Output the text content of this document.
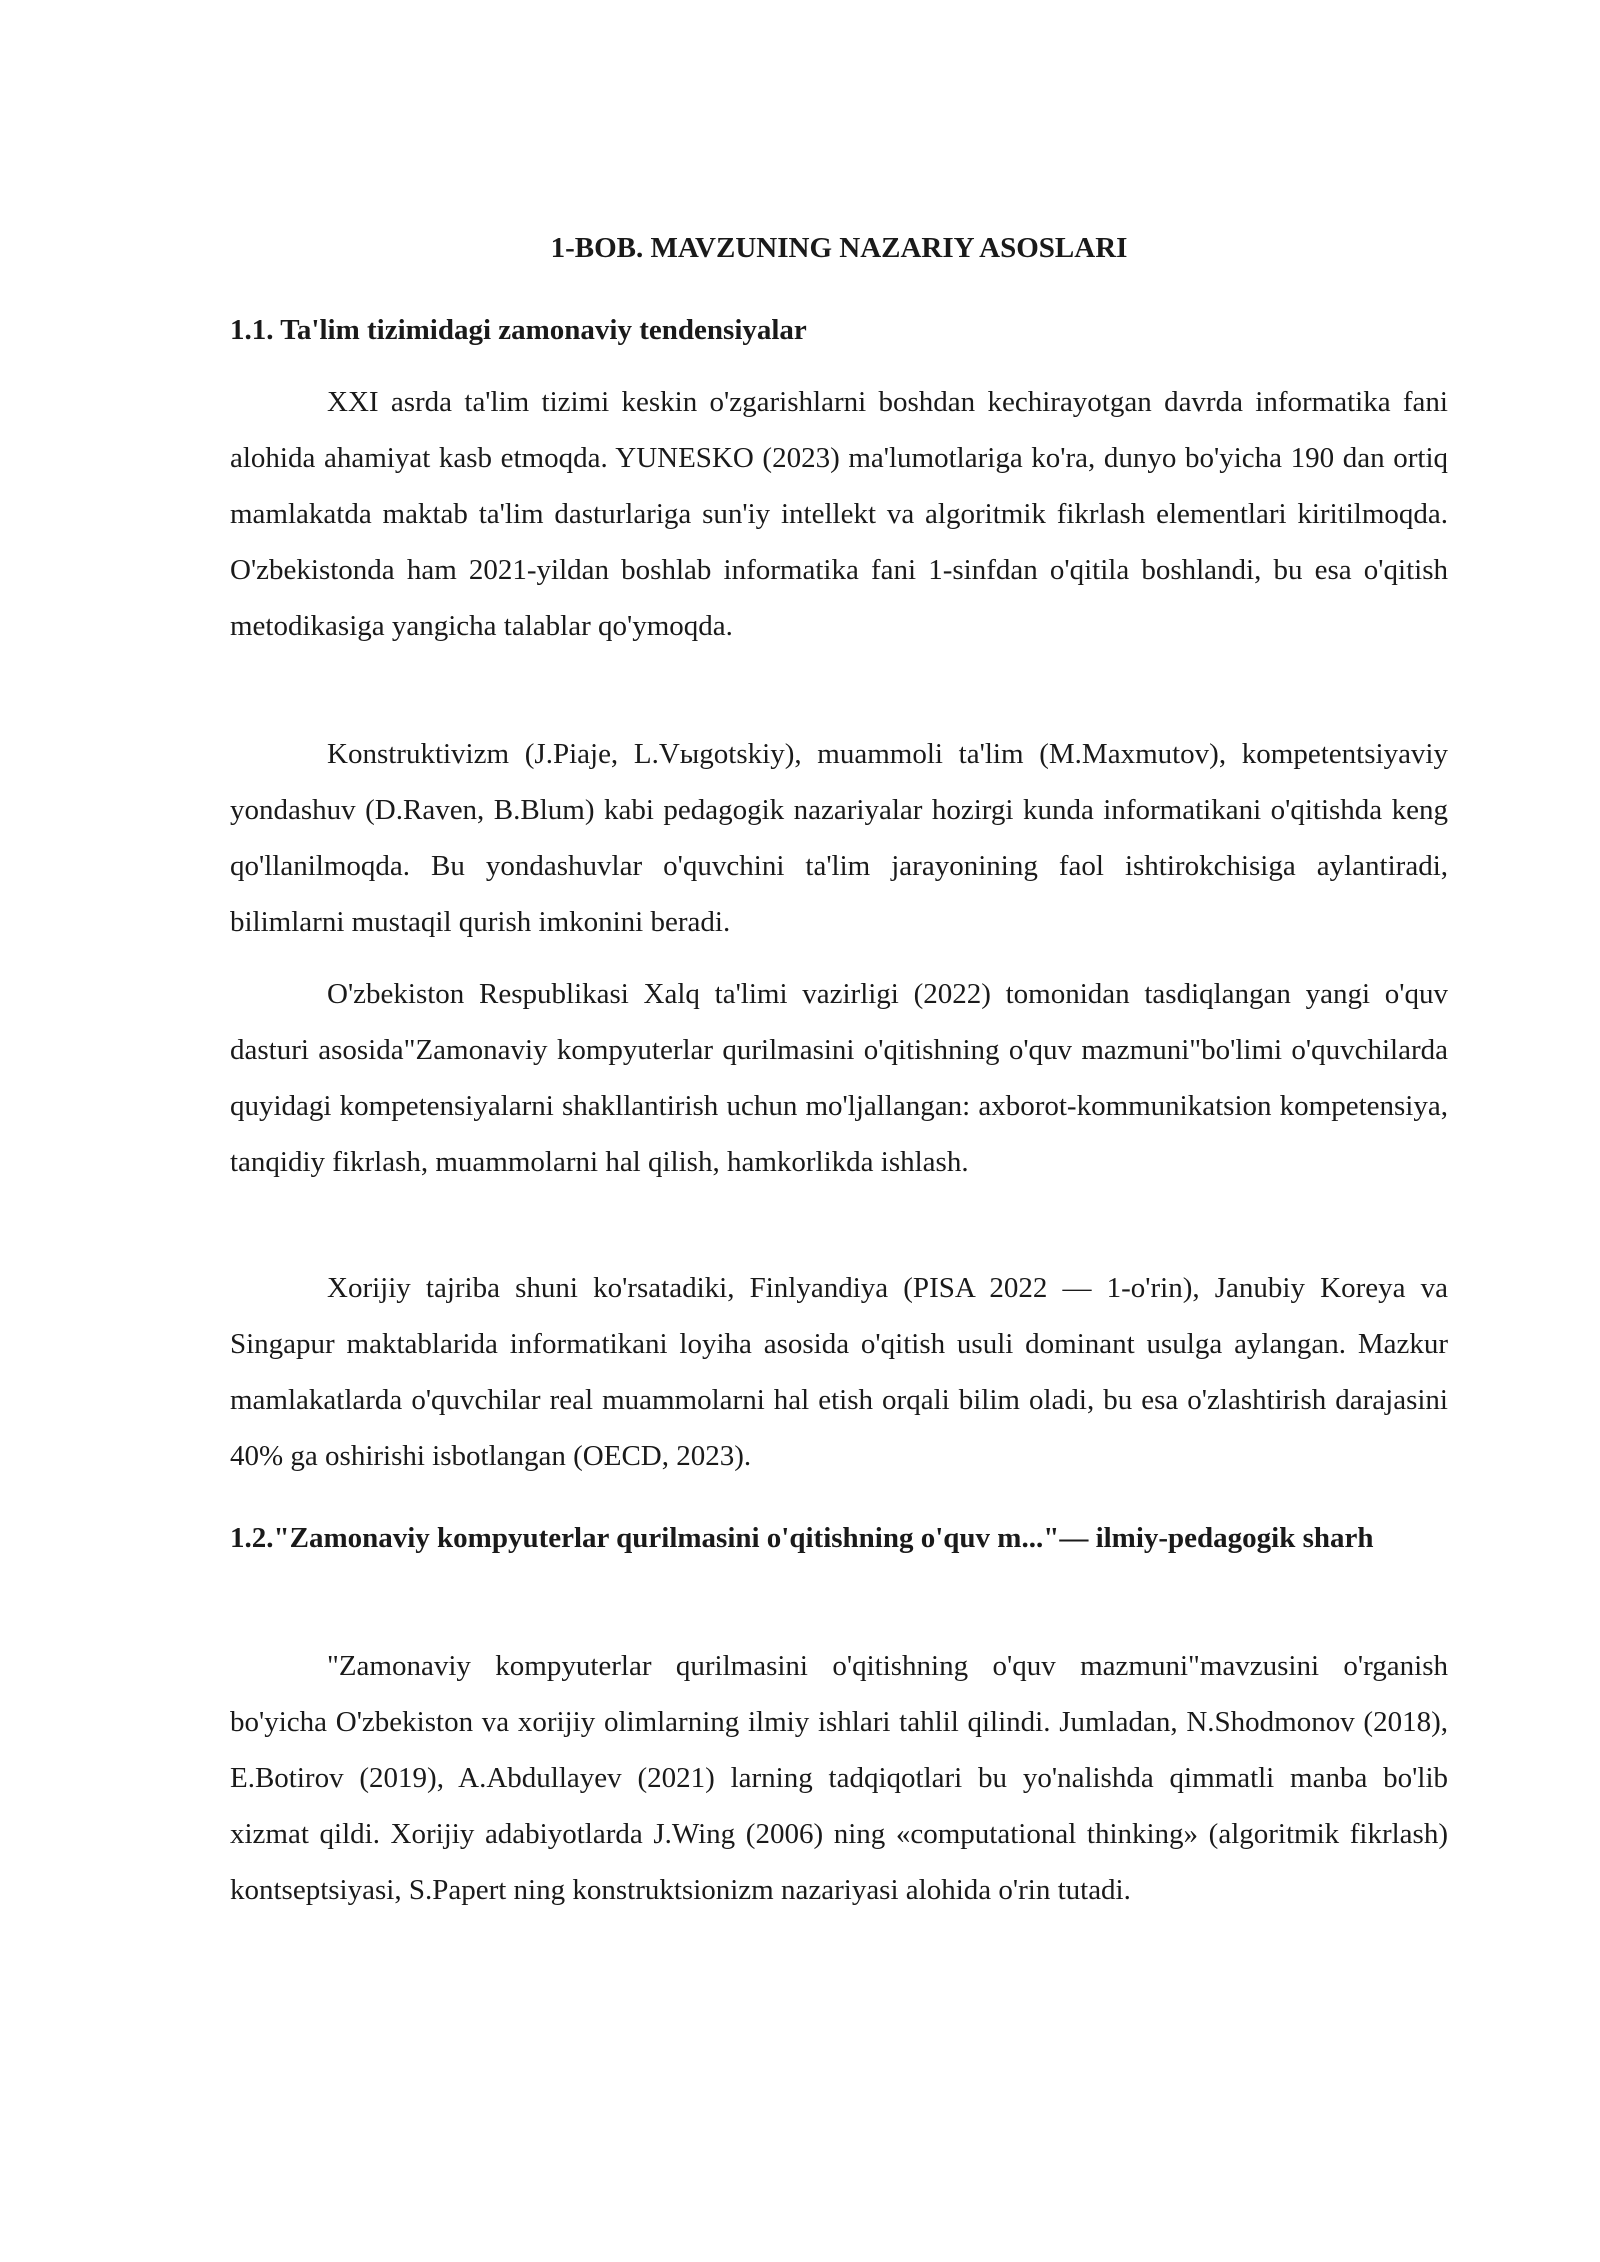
1-BOB. MAVZUNING NAZARIY ASOSLARI
1.1. Ta'lim tizimidagi zamonaviy tendensiyalar

XXI asrda ta'lim tizimi keskin o'zgarishlarni boshdan kechirayotgan davrda informatika fani alohida ahamiyat kasb etmoqda. YUNESKO (2023) ma'lumotlariga ko'ra, dunyo bo'yicha 190 dan ortiq mamlakatda maktab ta'lim dasturlariga sun'iy intellekt va algoritmik fikrlash elementlari kiritilmoqda. O'zbekistonda ham 2021-yildan boshlab informatika fani 1-sinfdan o'qitila boshlandi, bu esa o'qitish metodikasiga yangicha talablar qo'ymoqda.

Konstruktivizm (J.Piaje, L.Vыgotskiy), muammoli ta'lim (M.Maxmutov), kompetentsiyaviy yondashuv (D.Raven, B.Blum) kabi pedagogik nazariyalar hozirgi kunda informatikani o'qitishda keng qo'llanilmoqda. Bu yondashuvlar o'quvchini ta'lim jarayonining faol ishtirokchisiga aylantiradi, bilimlarni mustaqil qurish imkonini beradi.

O'zbekiston Respublikasi Xalq ta'limi vazirligi (2022) tomonidan tasdiqlangan yangi o'quv dasturi asosida"Zamonaviy kompyuterlar qurilmasini o'qitishning o'quv mazmuni"bo'limi o'quvchilarda quyidagi kompetensiyalarni shakllantirish uchun mo'ljallangan: axborot-kommunikatsion kompetensiya, tanqidiy fikrlash, muammolarni hal qilish, hamkorlikda ishlash.

Xorijiy tajriba shuni ko'rsatadiki, Finlyandiya (PISA 2022 — 1-o'rin), Janubiy Koreya va Singapur maktablarida informatikani loyiha asosida o'qitish usuli dominant usulga aylangan. Mazkur mamlakatlarda o'quvchilar real muammolarni hal etish orqali bilim oladi, bu esa o'zlashtirish darajasini 40% ga oshirishi isbotlangan (OECD, 2023).

1.2."Zamonaviy kompyuterlar qurilmasini o'qitishning o'quv m..."— ilmiy-pedagogik sharh

"Zamonaviy kompyuterlar qurilmasini o'qitishning o'quv mazmuni"mavzusini o'rganish bo'yicha O'zbekiston va xorijiy olimlarning ilmiy ishlari tahlil qilindi. Jumladan, N.Shodmonov (2018), E.Botirov (2019), A.Abdullayev (2021) larning tadqiqotlari bu yo'nalishda qimmatli manba bo'lib xizmat qildi. Xorijiy adabiyotlarda J.Wing (2006) ning «computational thinking» (algoritmik fikrlash) kontseptsiyasi, S.Papert ning konstruktsionizm nazariyasi alohida o'rin tutadi.
